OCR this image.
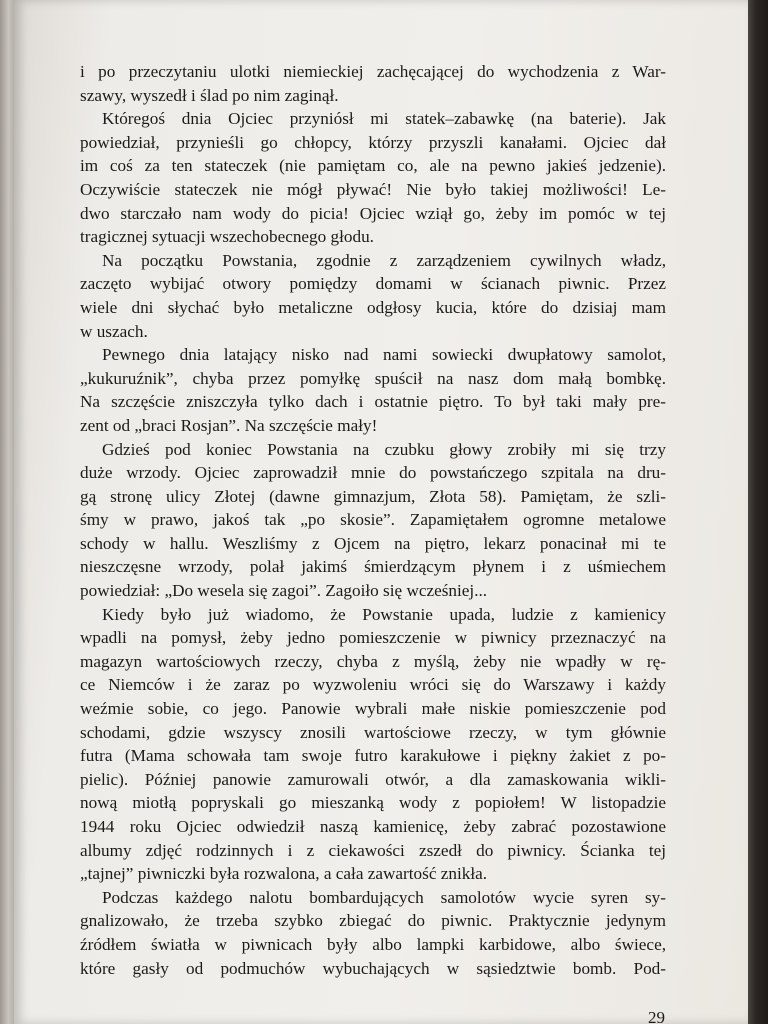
i po przeczytaniu ulotki niemieckiej zachęcającej do wychodzenia z War-
szawy, wyszedł i ślad po nim zaginął.
Któregoś dnia Ojciec przyniósł mi statek–zabawkę (na baterie). Jak
powiedział, przynieśli go chłopcy, którzy przyszli kanałami. Ojciec dał
im coś za ten stateczek (nie pamiętam co, ale na pewno jakieś jedzenie).
Oczywiście stateczek nie mógł pływać! Nie było takiej możliwości! Le-
dwo starczało nam wody do picia! Ojciec wziął go, żeby im pomóc w tej
tragicznej sytuacji wszechobecnego głodu.
Na początku Powstania, zgodnie z zarządzeniem cywilnych władz,
zaczęto wybijać otwory pomiędzy domami w ścianach piwnic. Przez
wiele dni słychać było metaliczne odgłosy kucia, które do dzisiaj mam
w uszach.
Pewnego dnia latający nisko nad nami sowiecki dwupłatowy samolot,
„kukuruźnik”, chyba przez pomyłkę spuścił na nasz dom małą bombkę.
Na szczęście zniszczyła tylko dach i ostatnie piętro. To był taki mały pre-
zent od „braci Rosjan”. Na szczęście mały!
Gdzieś pod koniec Powstania na czubku głowy zrobiły mi się trzy
duże wrzody. Ojciec zaprowadził mnie do powstańczego szpitala na dru-
gą stronę ulicy Złotej (dawne gimnazjum, Złota 58). Pamiętam, że szli-
śmy w prawo, jakoś tak „po skosie”. Zapamiętałem ogromne metalowe
schody w hallu. Weszliśmy z Ojcem na piętro, lekarz ponacinał mi te
nieszczęsne wrzody, polał jakimś śmierdzącym płynem i z uśmiechem
powiedział: „Do wesela się zagoi”. Zagoiło się wcześniej...
Kiedy było już wiadomo, że Powstanie upada, ludzie z kamienicy
wpadli na pomysł, żeby jedno pomieszczenie w piwnicy przeznaczyć na
magazyn wartościowych rzeczy, chyba z myślą, żeby nie wpadły w rę-
ce Niemców i że zaraz po wyzwoleniu wróci się do Warszawy i każdy
weźmie sobie, co jego. Panowie wybrali małe niskie pomieszczenie pod
schodami, gdzie wszyscy znosili wartościowe rzeczy, w tym głównie
futra (Mama schowała tam swoje futro karakułowe i piękny żakiet z po-
pielic). Później panowie zamurowali otwór, a dla zamaskowania wikli-
nową miotłą popryskali go mieszanką wody z popiołem! W listopadzie
1944 roku Ojciec odwiedził naszą kamienicę, żeby zabrać pozostawione
albumy zdjęć rodzinnych i z ciekawości zszedł do piwnicy. Ścianka tej
„tajnej” piwniczki była rozwalona, a cała zawartość znikła.
Podczas każdego nalotu bombardujących samolotów wycie syren sy-
gnalizowało, że trzeba szybko zbiegać do piwnic. Praktycznie jedynym
źródłem światła w piwnicach były albo lampki karbidowe, albo świece,
które gasły od podmuchów wybuchających w sąsiedztwie bomb. Pod-
29
